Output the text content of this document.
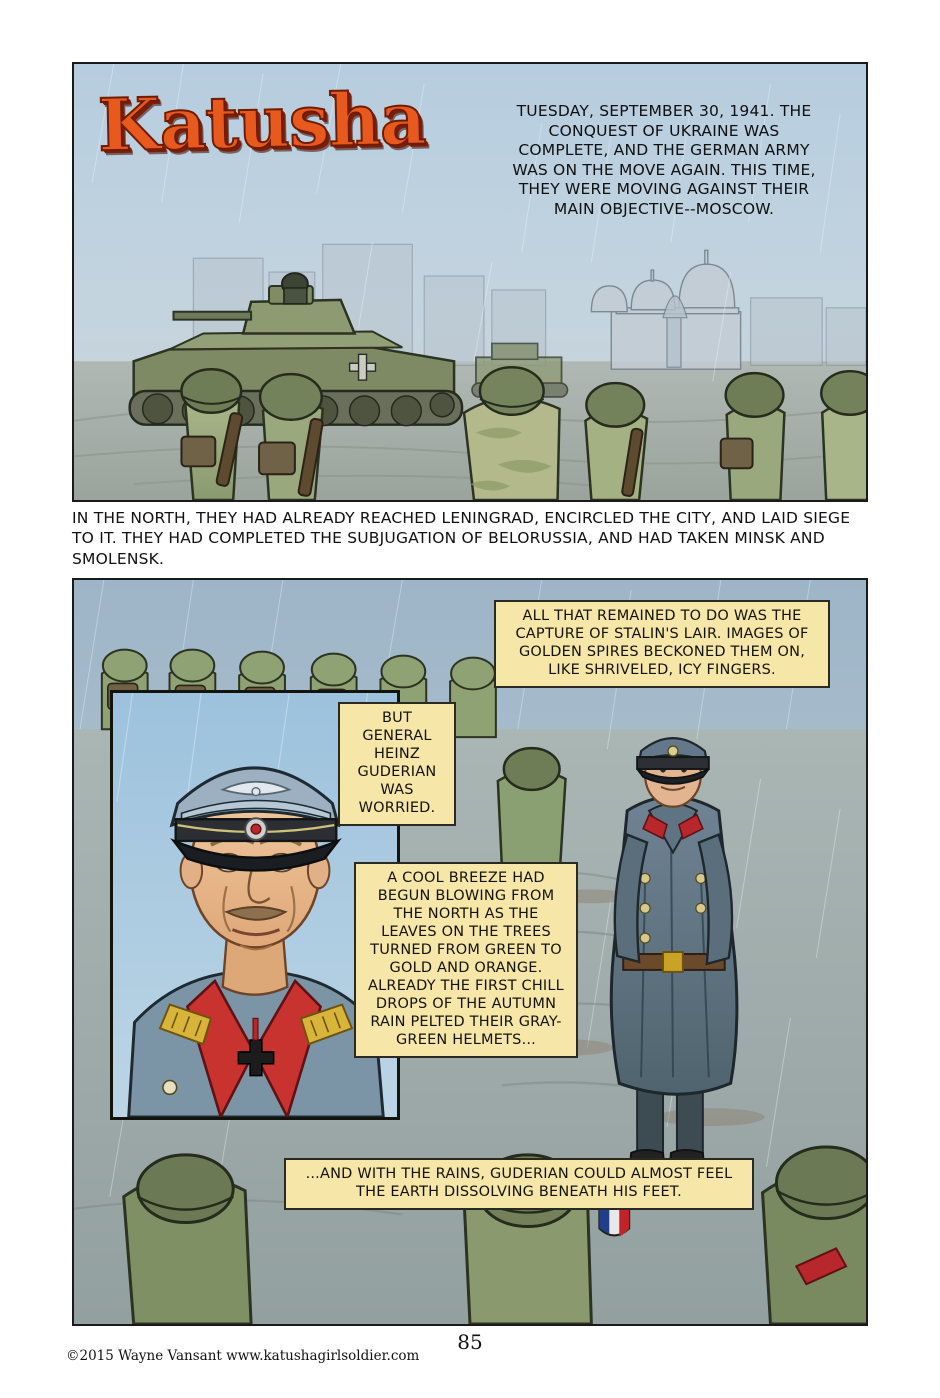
Katusha	TUESDAY, SEPTEMBER 30, 1941. THE CONQUEST OF UKRAINE WAS COMPLETE, AND THE GERMAN ARMY WAS ON THE MOVE AGAIN. THIS TIME, THEY WERE MOVING AGAINST THEIR MAIN OBJECTIVE--MOSCOW.
IN THE NORTH, THEY HAD ALREADY REACHED LENINGRAD, ENCIRCLED THE CITY, AND LAID SIEGE TO IT. THEY HAD COMPLETED THE SUBJUGATION OF BELORUSSIA, AND HAD TAKEN MINSK AND SMOLENSK.
ALL THAT REMAINED TO DO WAS THE CAPTURE OF STALIN'S LAIR. IMAGES OF GOLDEN SPIRES BECKONED THEM ON, LIKE SHRIVELED, ICY FINGERS.
BUT GENERAL HEINZ GUDERIAN WAS WORRIED.
A COOL BREEZE HAD BEGUN BLOWING FROM THE NORTH AS THE LEAVES ON THE TREES TURNED FROM GREEN TO GOLD AND ORANGE. ALREADY THE FIRST CHILL DROPS OF THE AUTUMN RAIN PELTED THEIR GRAY-GREEN HELMETS...
...AND WITH THE RAINS, GUDERIAN COULD ALMOST FEEL THE EARTH DISSOLVING BENEATH HIS FEET.
85
©2015 Wayne Vansant www.katushagirlsoldier.com
